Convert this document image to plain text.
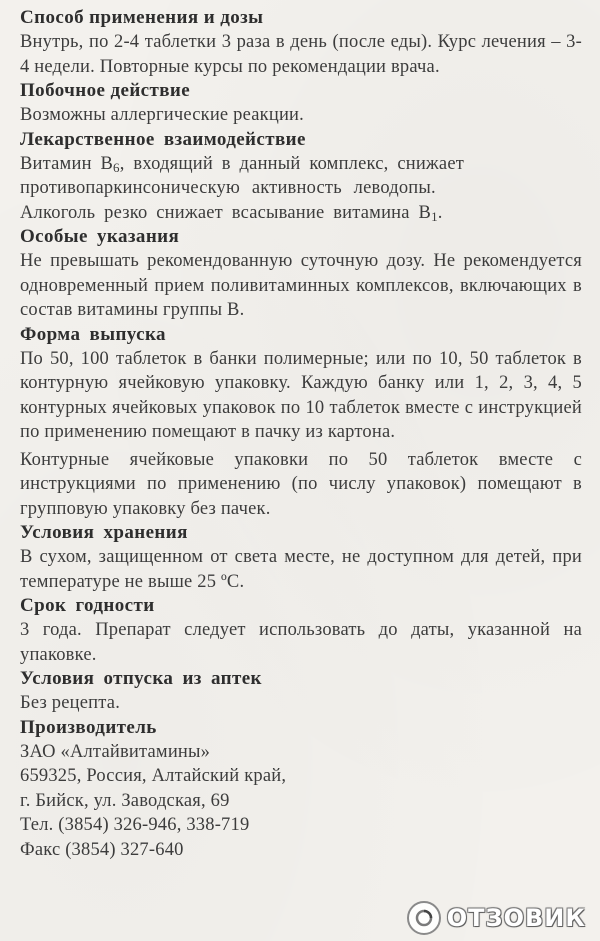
Способ применения и дозы
Внутрь, по 2-4 таблетки 3 раза в день (после еды). Курс лечения – 3-4 недели. Повторные курсы по рекомендации врача.
Побочное действие
Возможны аллергические реакции.
Лекарственное взаимодействие
Витамин $B_6$, входящий в данный комплекс, снижает
противопаркинсоническую активность леводопы.
Алкоголь резко снижает всасывание витамина $B_1$.
Особые указания
Не превышать рекомендованную суточную дозу. Не рекомендуется одновременный прием поливитаминных комплексов, включающих в состав витамины группы В.
Форма выпуска
По 50, 100 таблеток в банки полимерные; или по 10, 50 таблеток в контурную ячейковую упаковку. Каждую банку или 1, 2, 3, 4, 5 контурных ячейковых упаковок по 10 таблеток вместе с инструкцией по применению помещают в пачку из картона.
Контурные ячейковые упаковки по 50 таблеток вместе с инструкциями по применению (по числу упаковок) помещают в групповую упаковку без пачек.
Условия хранения
В сухом, защищенном от света месте, не доступном для детей, при температуре не выше 25 ºС.
Срок годности
3 года. Препарат следует использовать до даты, указанной на упаковке.
Условия отпуска из аптек
Без рецепта.
Производитель
ЗАО «Алтайвитамины»
659325, Россия, Алтайский край,
г. Бийск, ул. Заводская, 69
Тел. (3854) 326-946, 338-719
Факс (3854) 327-640
ОТЗОВИК
